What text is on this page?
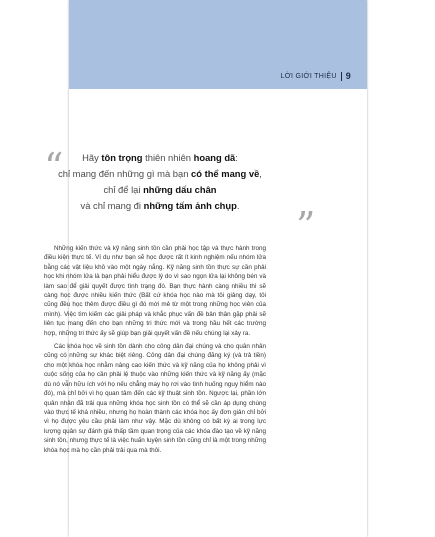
LỜI GIỚI THIỆU 9
“	Hãy tôn trọng thiên nhiên hoang dã:
chỉ mang đến những gì mà bạn có thể mang về,
chỉ để lại những dấu chân
và chỉ mang đi những tấm ảnh chụp.	”

Những kiến thức và kỹ năng sinh tồn cần phải học tập và thực hành trong điều kiện thực tế. Ví dụ như bạn sẽ học được rất ít kinh nghiệm nếu nhóm lửa bằng các vật liệu khô vào một ngày nắng. Kỹ năng sinh tồn thực sự cần phải học khi nhóm lửa là bạn phải hiểu được lý do vì sao ngọn lửa lại không bén và làm sao để giải quyết được tình trạng đó. Bạn thực hành càng nhiều thì sẽ càng học được nhiều kiến thức (Bất cứ khóa học nào mà tôi giảng dạy, tôi cũng đều học thêm được điều gì đó mới mẻ từ một trong những học viên của mình). Việc tìm kiếm các giải pháp và khắc phục vấn đề bản thân gặp phải sẽ liên tục mang đến cho bạn những tri thức mới và trong hầu hết các trường hợp, những tri thức ấy sẽ giúp bạn giải quyết vấn đề nếu chúng lại xảy ra.

Các khóa học về sinh tồn dành cho công dân đại chúng và cho quân nhân cũng có những sự khác biệt riêng. Công dân đại chúng đăng ký (và trả tiền) cho một khóa học nhằm nâng cao kiến thức và kỹ năng của họ không phải vì cuộc sống của họ cần phải lệ thuộc vào những kiến thức và kỹ năng ấy (mặc dù nó vẫn hữu ích với họ nếu chẳng may họ rơi vào tình huống nguy hiểm nào đó), mà chỉ bởi vì họ quan tâm đến các kỹ thuật sinh tồn. Ngược lại, phần lớn quân nhân đã trải qua những khóa học sinh tồn có thể sẽ cần áp dụng chúng vào thực tế khá nhiều, nhưng họ hoàn thành các khóa học ấy đơn giản chỉ bởi vì họ được yêu cầu phải làm như vậy. Mặc dù không có bất kỳ ai trong lực lượng quân sự đánh giá thấp tầm quan trọng của các khóa đào tạo về kỹ năng sinh tồn, nhưng thực tế là việc huấn luyện sinh tồn cũng chỉ là một trong những khóa học mà họ cần phải trải qua mà thôi.
